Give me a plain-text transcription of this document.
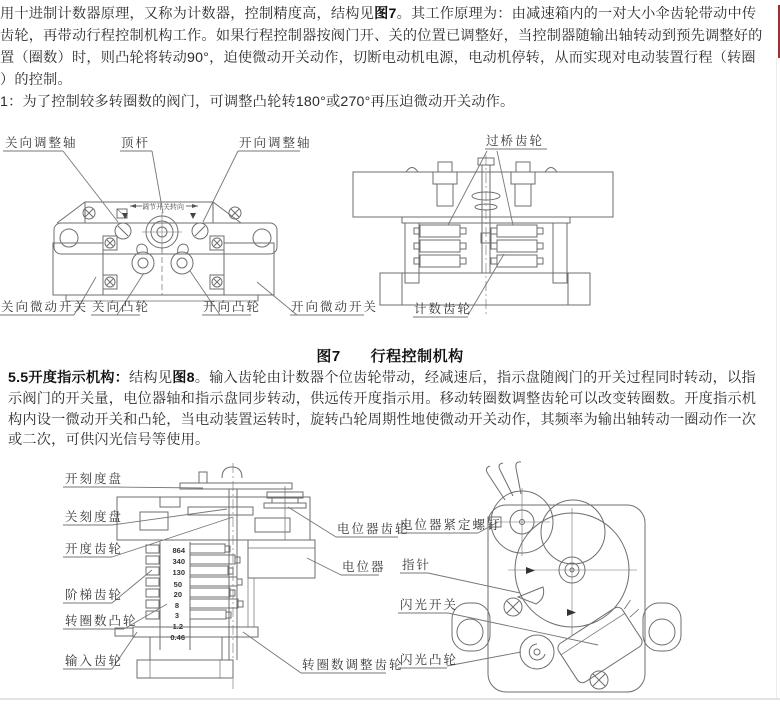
用十进制计数器原理，又称为计数器，控制精度高，结构见图7。其工作原理为：由减速箱内的一对大小伞齿轮带动中传
齿轮，再带动行程控制机构工作。如果行程控制器按阀门开、关的位置已调整好，当控制器随输出轴转动到预先调整好的
置（圈数）时，则凸轮将转动90°，迫使微动开关动作，切断电动机电源，电动机停转，从而实现对电动装置行程（转圈
）的控制。
1：为了控制较多转圈数的阀门，可调整凸轮转180°或270°再压迫微动开关动作。
关向调整轴	顶杆	开向调整轴
关向微动开关 关向凸轮	开向凸轮 开向微动开关
过桥齿轮
计数齿轮
调节开关转向
图7 行程控制机构
5.5开度指示机构：结构见图8。输入齿轮由计数器个位齿轮带动，经减速后，指示盘随阀门的开关过程同时转动，以指
示阀门的开关量，电位器轴和指示盘同步转动，供远传开度指示用。移动转圈数调整齿轮可以改变转圈数。开度指示机
构内设一微动开关和凸轮，当电动装置运转时，旋转凸轮周期性地使微动开关动作，其频率为输出轴转动一圈动作一次
或二次，可供闪光信号等使用。
开刻度盘
关刻度盘
开度齿轮
阶梯齿轮
转圈数凸轮
输入齿轮
电位器齿轮
电位器
转圈数调整齿轮
电位器紧定螺钉
指针
闪光开关
闪光凸轮
864
340
130
50
20
8
3
1.2
0.46
